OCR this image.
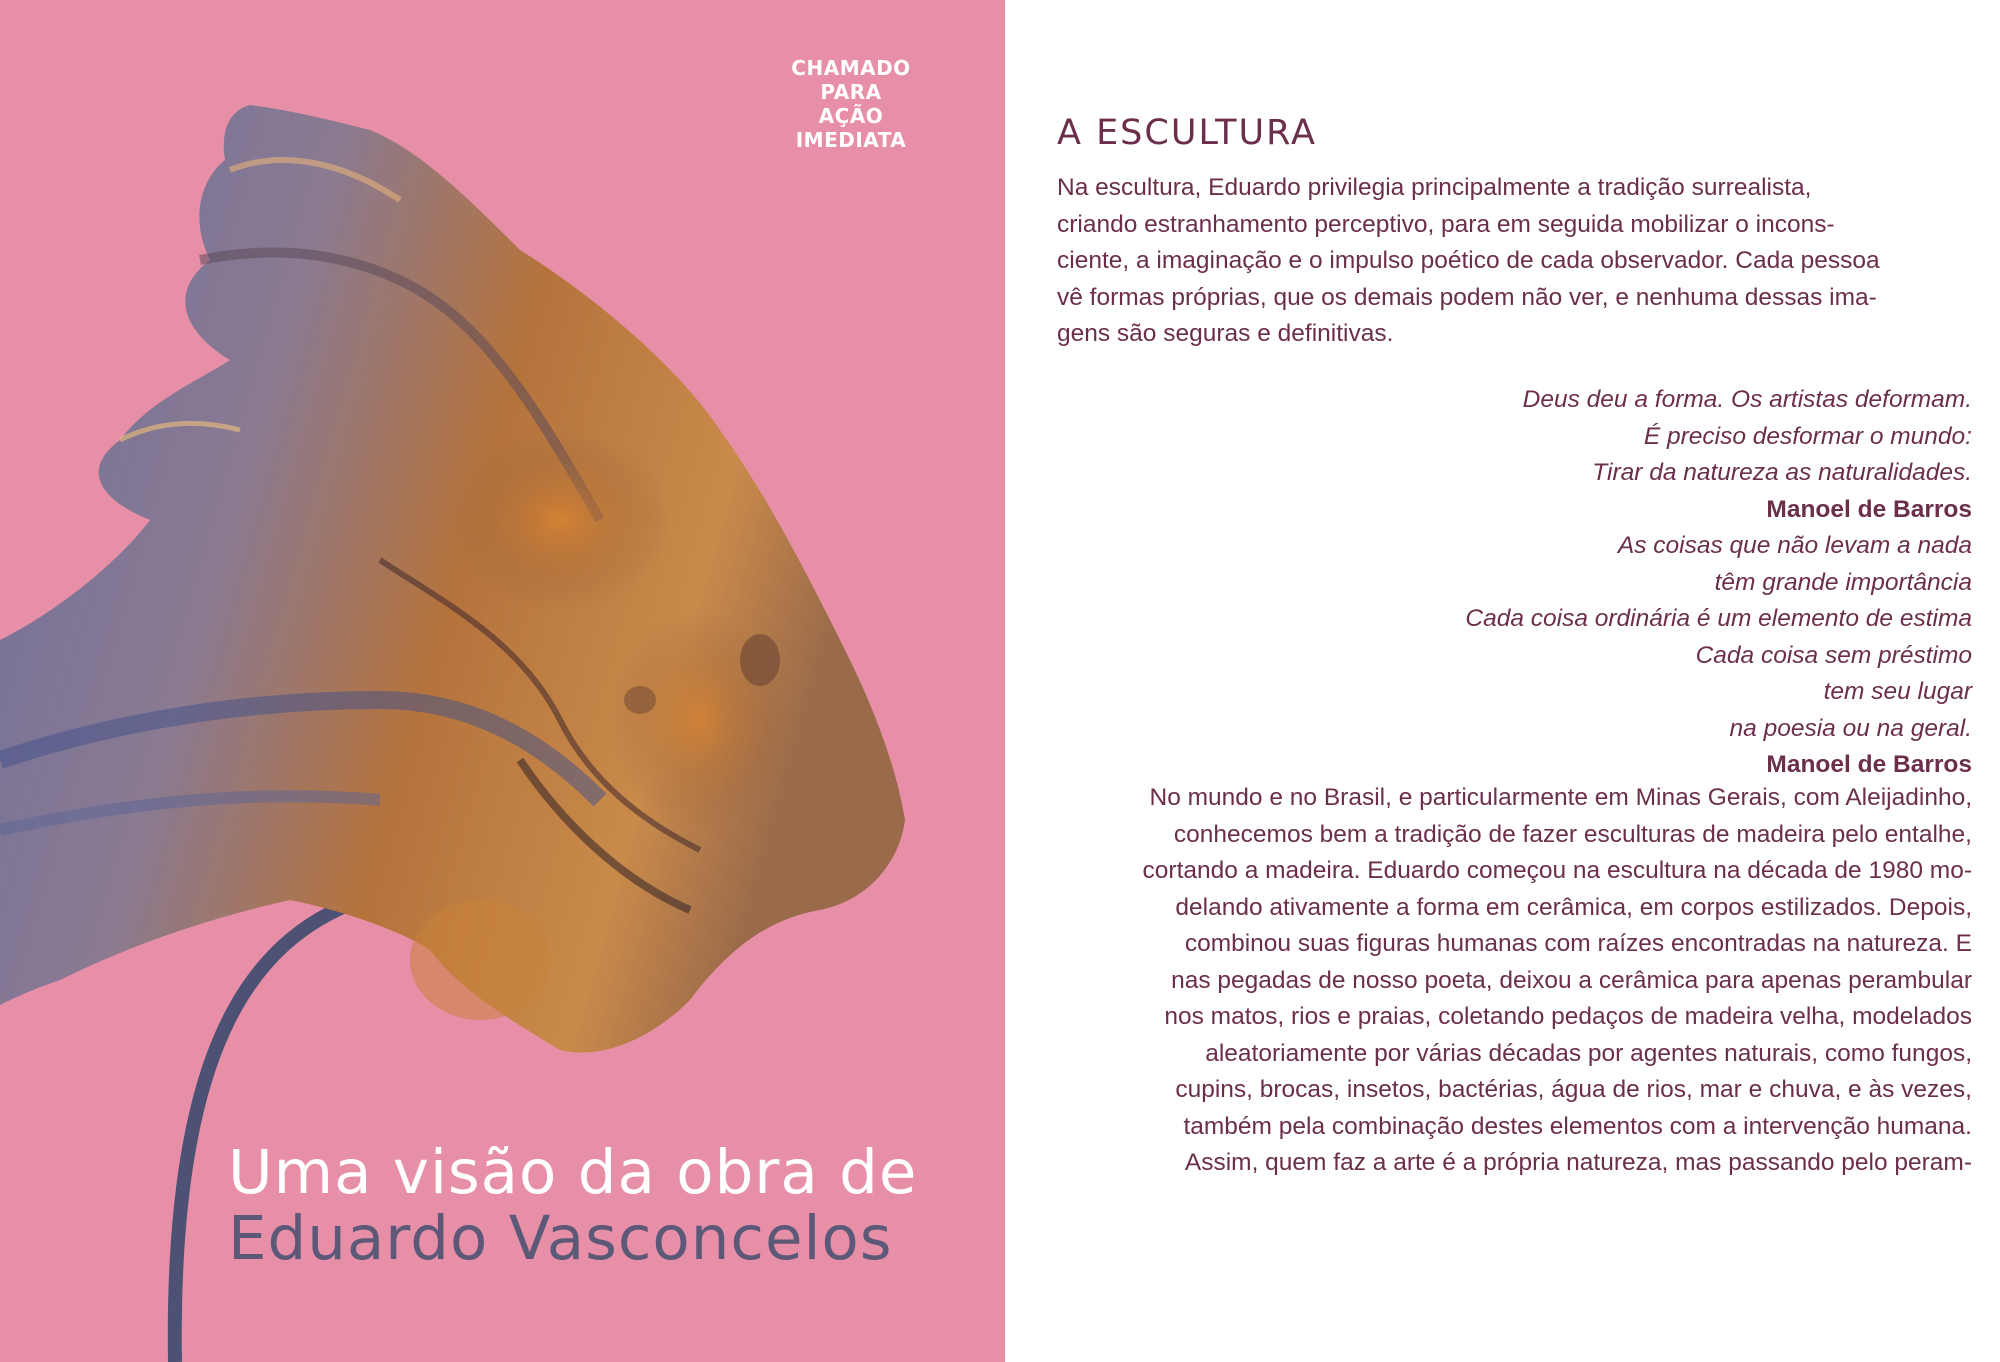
CHAMADO PARA
AÇÃO IMEDIATA
Uma visão da obra de
Eduardo Vasconcelos
A ESCULTURA

Na escultura, Eduardo privilegia principalmente a tradição surrealista,
criando estranhamento perceptivo, para em seguida mobilizar o incons-
ciente, a imaginação e o impulso poético de cada observador. Cada pessoa
vê formas próprias, que os demais podem não ver, e nenhuma dessas ima-
gens são seguras e definitivas.

Deus deu a forma. Os artistas deformam.
É preciso desformar o mundo:
Tirar da natureza as naturalidades.
Manoel de Barros
As coisas que não levam a nada
têm grande importância
Cada coisa ordinária é um elemento de estima
Cada coisa sem préstimo
tem seu lugar
na poesia ou na geral.
Manoel de Barros

No mundo e no Brasil, e particularmente em Minas Gerais, com Aleijadinho,
conhecemos bem a tradição de fazer esculturas de madeira pelo entalhe,
cortando a madeira. Eduardo começou na escultura na década de 1980 mo-
delando ativamente a forma em cerâmica, em corpos estilizados. Depois,
combinou suas figuras humanas com raízes encontradas na natureza. E
nas pegadas de nosso poeta, deixou a cerâmica para apenas perambular
nos matos, rios e praias, coletando pedaços de madeira velha, modelados
aleatoriamente por várias décadas por agentes naturais, como fungos,
cupins, brocas, insetos, bactérias, água de rios, mar e chuva, e às vezes,
também pela combinação destes elementos com a intervenção humana.
Assim, quem faz a arte é a própria natureza, mas passando pelo peram-
